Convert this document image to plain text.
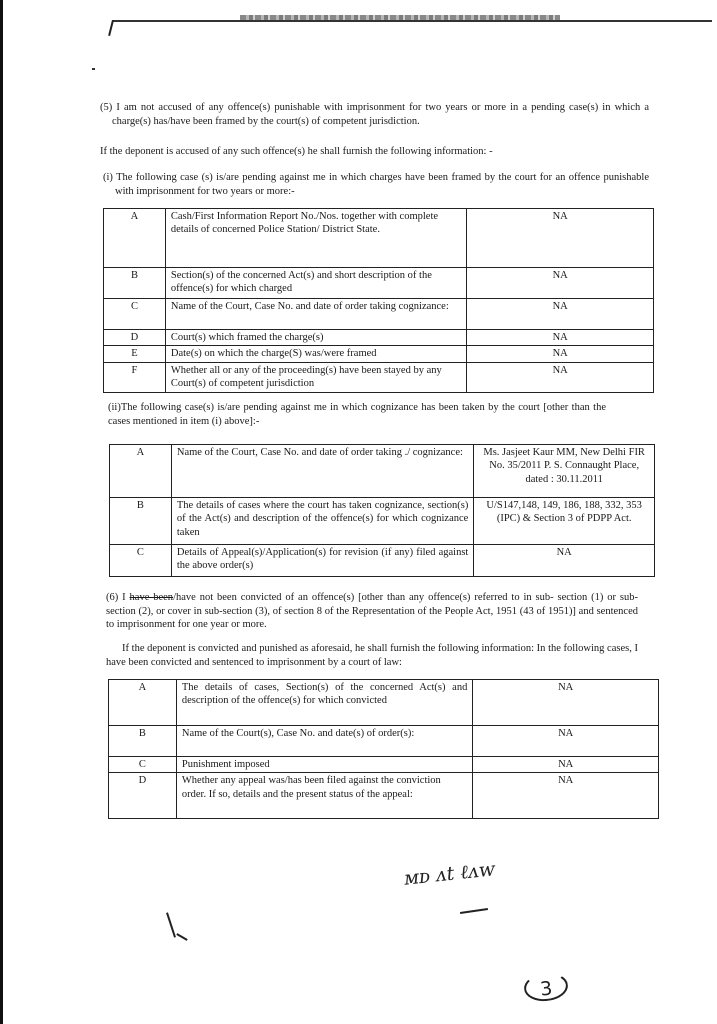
(5) I am not accused of any offence(s) punishable with imprisonment for two years or more in a pending case(s) in which a charge(s) has/have been framed by the court(s) of competent jurisdiction.

If the deponent is accused of any such offence(s) he shall furnish the following information: -

(i) The following case (s) is/are pending against me in which charges have been framed by the court for an offence punishable with imprisonment for two years or more:-

A	Cash/First Information Report No./Nos. together with complete details of concerned Police Station/ District State.	NA
B	Section(s) of the concerned Act(s) and short description of the offence(s) for which charged	NA
C	Name of the Court, Case No. and date of order taking cognizance:	NA
D	Court(s) which framed the charge(s)	NA
E	Date(s) on which the charge(S) was/were framed	NA
F	Whether all or any of the proceeding(s) have been stayed by any Court(s) of competent jurisdiction	NA

(ii)The following case(s) is/are pending against me in which cognizance has been taken by the court [other than the cases mentioned in item (i) above]:-

A	Name of the Court, Case No. and date of order taking ./ cognizance:	Ms. Jasjeet Kaur MM, New Delhi FIR No. 35/2011 P. S. Connaught Place, dated : 30.11.2011
B	The details of cases where the court has taken cognizance, section(s) of the Act(s) and description of the offence(s) for which cognizance taken	U/S147,148, 149, 186, 188, 332, 353 (IPC) & Section 3 of PDPP Act.
C	Details of Appeal(s)/Application(s) for revision (if any) filed against the above order(s)	NA

(6) I have been/have not been convicted of an offence(s) [other than any offence(s) referred to in sub- section (1) or sub-section (2), or cover in sub-section (3), of section 8 of the Representation of the People Act, 1951 (43 of 1951)] and sentenced to imprisonment for one year or more.

If the deponent is convicted and punished as aforesaid, he shall furnish the following information: In the following cases, I have been convicted and sentenced to imprisonment by a court of law:

A	The details of cases, Section(s) of the concerned Act(s) and description of the offence(s) for which convicted	NA
B	Name of the Court(s), Case No. and date(s) of order(s):	NA
C	Punishment imposed	NA
D	Whether any appeal was/has been filed against the conviction order. If so, details and the present status of the appeal:	NA
ᴍᴅ ᴧt ℓᴧᴡ
3
